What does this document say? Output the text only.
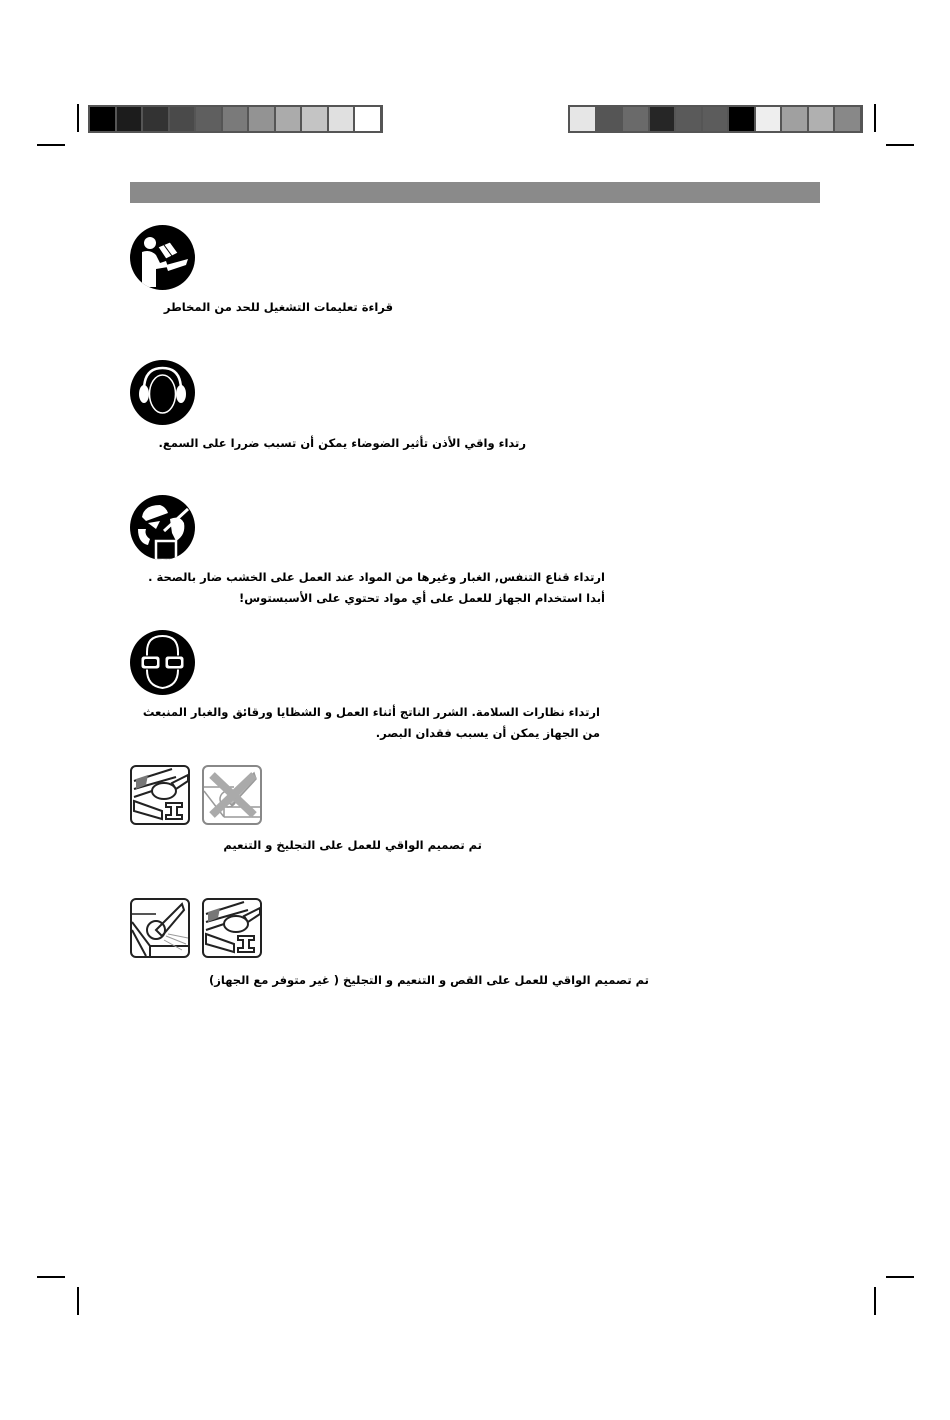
قراءة تعليمات التشغيل للحد من المخاطر
رتداء واقي الأذن تأثير الضوضاء يمكن أن تسبب ضررا على السمع.
ارتداء قناع التنفس, الغبار وغيرها من المواد عند العمل على الخشب ضار بالصحة .
أبدا استخدام الجهاز للعمل على أي مواد تحتوي على الأسبستوس!
ارتداء نظارات السلامة. الشرر الناتج أثناء العمل و الشظايا ورقائق والغبار المنبعث
من الجهاز يمكن أن يسبب فقدان البصر.
تم تصميم الواقي للعمل على التجليخ و التنعيم
تم تصميم الواقي للعمل على القص و التنعيم و التجليخ ( غير متوفر مع الجهاز)
